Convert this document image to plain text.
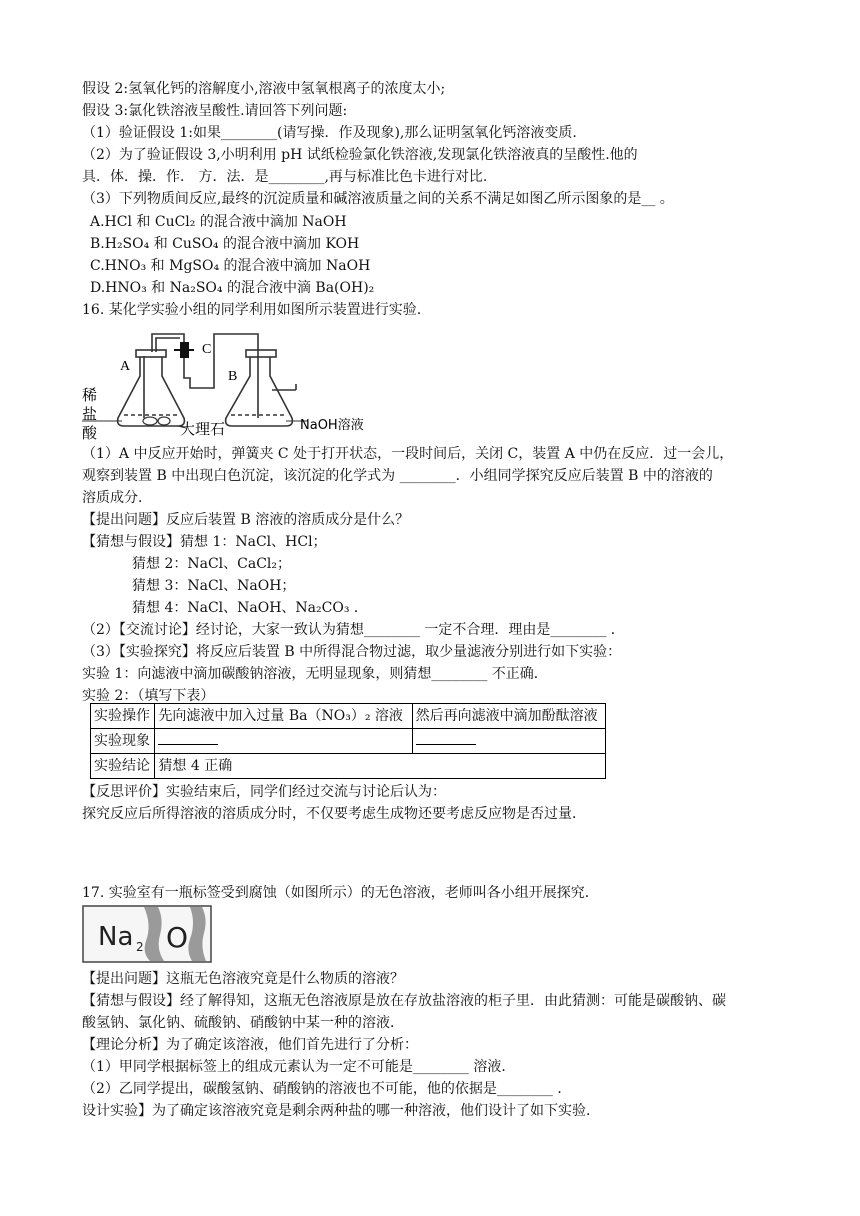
假设 2:氢氧化钙的溶解度小,溶液中氢氧根离子的浓度太小;
假设 3:氯化铁溶液呈酸性.请回答下列问题:
（1）验证假设 1:如果________(请写操．作及现象),那么证明氢氧化钙溶液变质.
（2）为了验证假设 3,小明利用 pH 试纸检验氯化铁溶液,发现氯化铁溶液真的呈酸性.他的
具．体．操．作． 方．法．是________,再与标准比色卡进行对比.
（3）下列物质间反应,最终的沉淀质量和碱溶液质量之间的关系不满足如图乙所示图象的是__ 。
A.HCl 和 CuCl₂ 的混合液中滴加 NaOH
B.H₂SO₄ 和 CuSO₄ 的混合液中滴加 KOH
C.HNO₃ 和 MgSO₄ 的混合液中滴加 NaOH
D.HNO₃ 和 Na₂SO₄ 的混合液中滴 Ba(OH)₂
16. 某化学实验小组的同学利用如图所示装置进行实验.
A
B
C
稀
盐
酸	大理石	NaOH溶液
（1）A 中反应开始时，弹簧夹 C 处于打开状态，一段时间后，关闭 C，装置 A 中仍在反应．过一会儿，
观察到装置 B 中出现白色沉淀，该沉淀的化学式为 ________．小组同学探究反应后装置 B 中的溶液的
溶质成分．
【提出问题】反应后装置 B 溶液的溶质成分是什么？
【猜想与假设】猜想 1：NaCl、HCl；
猜想 2：NaCl、CaCl₂；
猜想 3：NaCl、NaOH；
猜想 4：NaCl、NaOH、Na₂CO₃ ．
（2）【交流讨论】经讨论，大家一致认为猜想________ 一定不合理．理由是________ ．
（3）【实验探究】将反应后装置 B 中所得混合物过滤，取少量滤液分别进行如下实验：
实验 1：向滤液中滴加碳酸钠溶液，无明显现象，则猜想________ 不正确．
实验 2：（填写下表）
实验操作	先向滤液中加入过量 Ba（NO₃）₂ 溶液	然后再向滤液中滴加酚酞溶液
实验现象		
实验结论	猜想 4 正确	
【反思评价】实验结束后，同学们经过交流与讨论后认为：
探究反应后所得溶液的溶质成分时，不仅要考虑生成物还要考虑反应物是否过量．
17. 实验室有一瓶标签受到腐蚀（如图所示）的无色溶液，老师叫各小组开展探究．
Na 2 O
【提出问题】这瓶无色溶液究竟是什么物质的溶液？
【猜想与假设】经了解得知，这瓶无色溶液原是放在存放盐溶液的柜子里．由此猜测：可能是碳酸钠、碳
酸氢钠、氯化钠、硫酸钠、硝酸钠中某一种的溶液．
【理论分析】为了确定该溶液，他们首先进行了分析：
（1）甲同学根据标签上的组成元素认为一定不可能是________ 溶液．
（2）乙同学提出，碳酸氢钠、硝酸钠的溶液也不可能，他的依据是________ ．
设计实验】为了确定该溶液究竟是剩余两种盐的哪一种溶液，他们设计了如下实验．
